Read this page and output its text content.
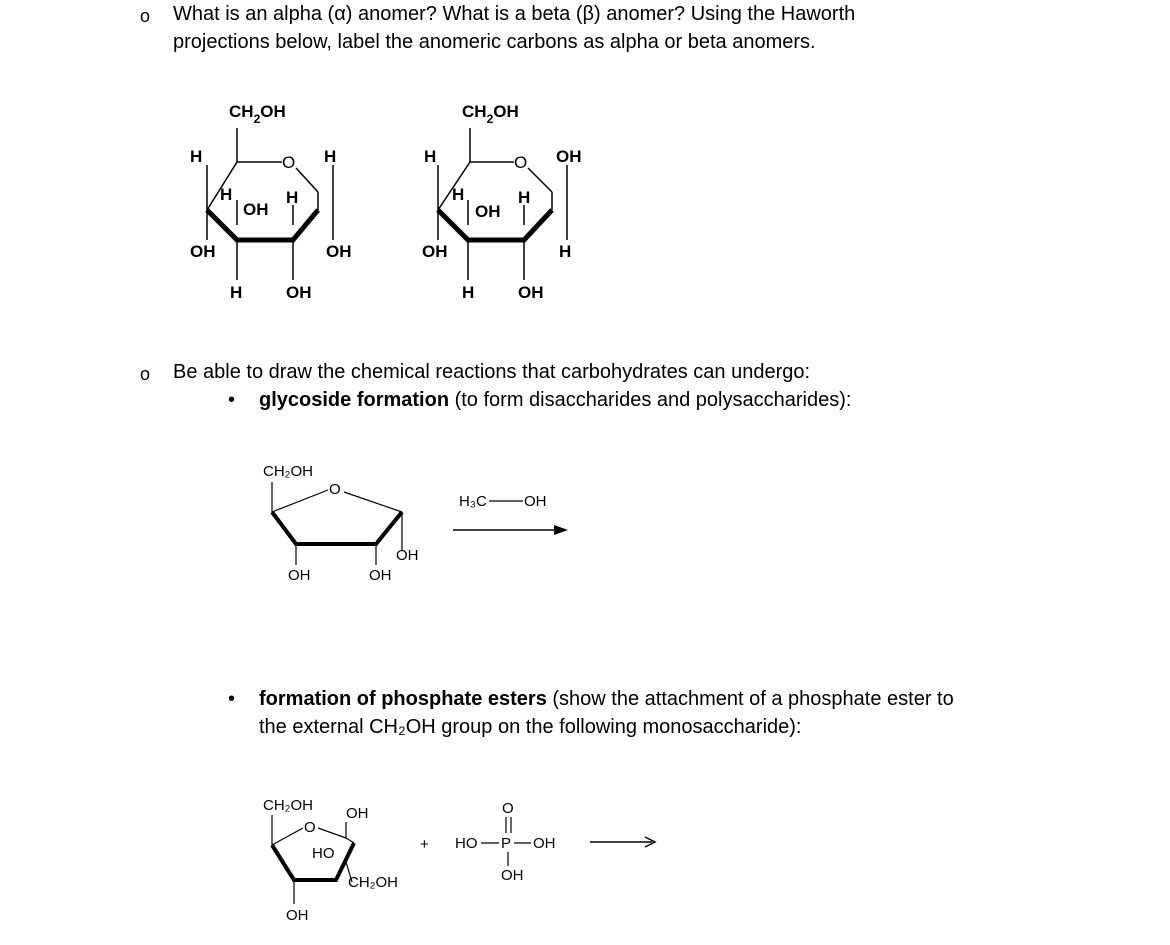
o What is an alpha (α) anomer? What is a beta (β) anomer? Using the Haworth
projections below, label the anomeric carbons as alpha or beta anomers.
$CH_2OH$
O
H	H
H
OH
H
OH	OH
H	OH
$CH_2OH$
O
H	OH
H
OH
H
OH	H
H	OH
o Be able to draw the chemical reactions that carbohydrates can undergo:
• glycoside formation (to form disaccharides and polysaccharides):
CH₂OH
O
OH
OH	OH
H₃C OH
• formation of phosphate esters (show the attachment of a phosphate ester to
the external CH₂OH group on the following monosaccharide):
CH₂OH OH
O
HO
CH₂OH
OH
+
O
HO P OH
OH
